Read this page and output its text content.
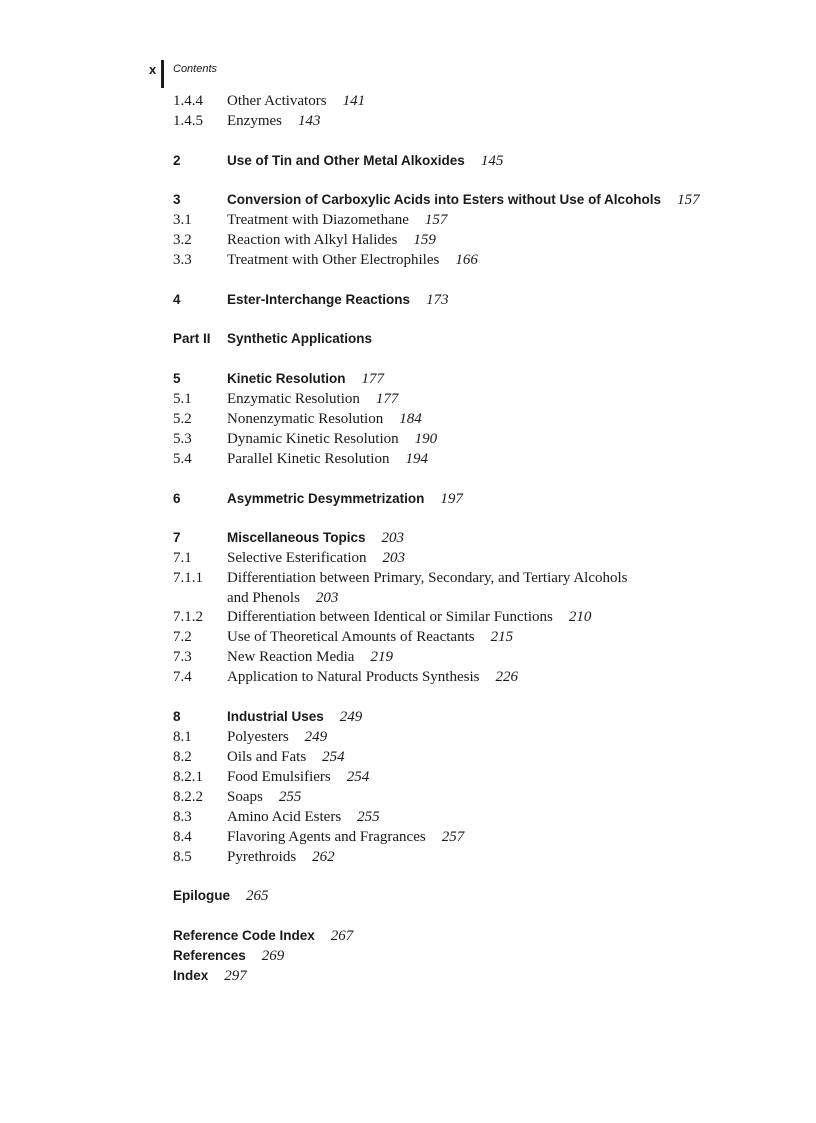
x Contents
1.4.4 Other Activators 141
1.4.5 Enzymes 143
2	Use of Tin and Other Metal Alkoxides 145
3	Conversion of Carboxylic Acids into Esters without Use of Alcohols 157
3.1 Treatment with Diazomethane 157
3.2 Reaction with Alkyl Halides 159
3.3 Treatment with Other Electrophiles 166
4	Ester-Interchange Reactions 173
Part II Synthetic Applications
5	Kinetic Resolution 177
5.1 Enzymatic Resolution 177
5.2 Nonenzymatic Resolution 184
5.3 Dynamic Kinetic Resolution 190
5.4 Parallel Kinetic Resolution 194
6	Asymmetric Desymmetrization 197
7	Miscellaneous Topics 203
7.1 Selective Esterification 203
7.1.1 Differentiation between Primary, Secondary, and Tertiary Alcohols
and Phenols 203
7.1.2 Differentiation between Identical or Similar Functions 210
7.2 Use of Theoretical Amounts of Reactants 215
7.3 New Reaction Media 219
7.4 Application to Natural Products Synthesis 226
8	Industrial Uses 249
8.1 Polyesters 249
8.2 Oils and Fats 254
8.2.1 Food Emulsifiers 254
8.2.2 Soaps 255
8.3 Amino Acid Esters 255
8.4 Flavoring Agents and Fragrances 257
8.5 Pyrethroids 262
Epilogue 265
Reference Code Index 267
References 269
Index 297
